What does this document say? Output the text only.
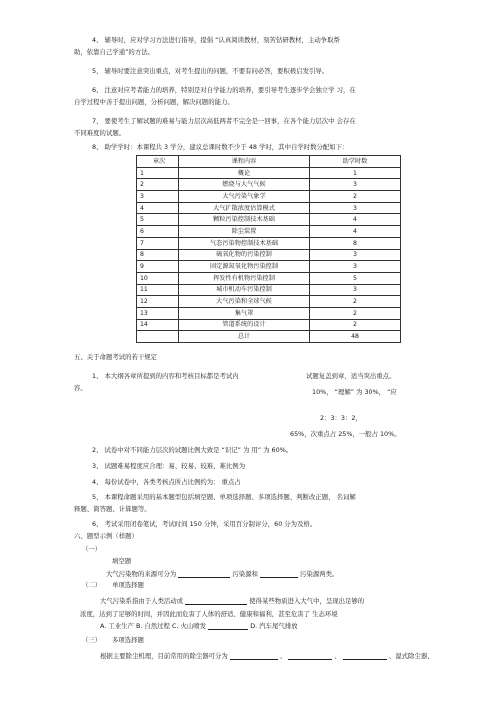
4、 辅导时，应对学习方法进行指导，提倡 “认真阅读教材，刻苦钻研教材，主动争取帮
助，依靠自己学通”的方法。
5、 辅导时要注意突出重点，对考生提出的问题，不要有问必答，要积极启发引导。
6、 注意对应考者能力的培养，特别是对自学能力的培养，要引导考生逐步学会独立学 习，在
自学过程中善于提出问题，分析问题，解决问题的能力。
7、 要使考生了解试题的难易与能力层次高低两者不完全是一回事，在各个能力层次中 会存在
不同难度的试题。
8、 助学学时：本课程共 3 学分，建议总课时数不少于 48 学时，其中自学时数分配如下：
章次	课程内容	助学时数
1	概论	1
2	燃烧与大气气候	3
3	大气污染气象学	2
4	大气扩散浓度估算模式	3
5	颗粒污染控制技术基础	4
6	除尘装置	4
7	气态污染物控制技术基础	8
8	硫氧化物的污染控制	3
9	固定源氮氧化物污染控制	3
10	挥发性有机物污染控制	5
11	城市机动车污染控制	3
12	大气污染和全球气候	2
13	集气罩	2
14	管道系统的设计	2
	总计	48
五、关于命题考试的若干规定
1、 本大纲各章所提到的内容和考核目标都是考试内
容。
试题复盖到章，适当突出重点。
10%， “理解” 为 30%， “应
2：3：3：2，
65%，次重点占 25%，一般占 10%。
2、 试卷中对不同能力层次的试题比例大致是 “识记” 为 用” 为 60%。
3、 试题难易程度应合理：易、较易、较难、难比例为
4、 每份试卷中，各类考核点所占比例约为： 重点占
5、 本课程命题采用的基本题型包括填空题、单项选择题、多项选择题、判断改正题、 名词解
释题、简答题、计算题等。
6、 考试采用闭卷笔试，考试时间 150 分钟，采用百分制评分，60 分为及格。
六、题型示例（样题）
（一）
填空题
大气污染物的来源可分为	污染源和	污染源两类。
（二） 单项选择题
大气污染系指由于人类活动或	使得某些物质进入大气中，呈现出足够的
浓度，达到了足够的时间，并因此而危害了人体的舒适、健康和福利，甚至危害了 生态环境
A. 工业生产 B. 自然过程 C. 火山喷发	D. 汽车尾气排放
（三） 多项选择题
根据主要除尘机理，目前常用的除尘器可分为	、	、	、湿式除尘器、
